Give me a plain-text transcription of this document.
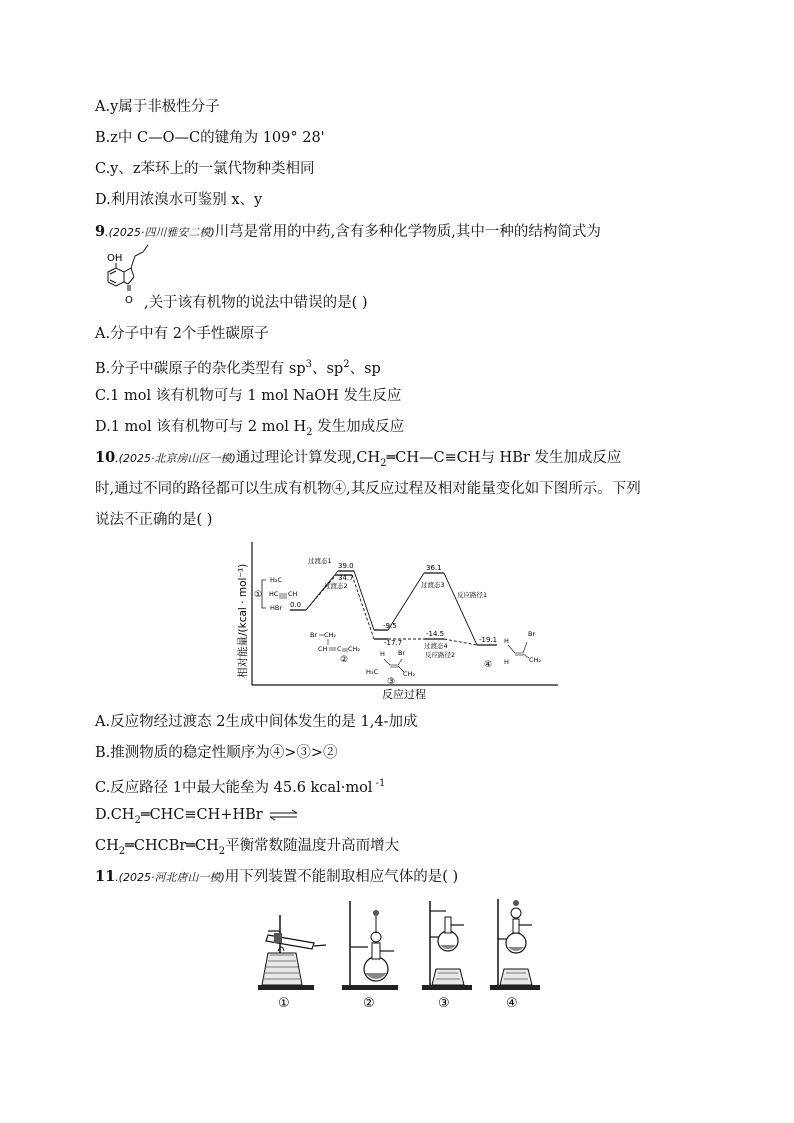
A.y属于非极性分子
B.z中 C—O—C的键角为 109° 28'
C.y、z苯环上的一氯代物种类相同
D.利用浓溴水可鉴别 x、y
9.(2025·四川雅安二模)川芎是常用的中药,含有多种化学物质,其中一种的结构简式为
OH
O ,关于该有机物的说法中错误的是( )
A.分子中有 2个手性碳原子
B.分子中碳原子的杂化类型有 $sp^3$、$sp^2$、sp
C.1 mol 该有机物可与 1 mol NaOH 发生反应
D.1 mol 该有机物可与 2 mol $H_2$ 发生加成反应
10.(2025·北京房山区一模)通过理论计算发现$,CH_2═CH—C\equiv CH$与 HBr 发生加成反应
时,通过不同的路径都可以生成有机物④,其反应过程及相对能量变化如下图所示。下列
说法不正确的是( )
相对能量/(kcal · mol⁻¹)
反应过程
①
H₂C
HC CH
HBr 0.0
39.0
34.7
-9.5
-17.7
36.1
-14.5
-19.1
过渡态1
过渡态2	过渡态3
过渡态4
反应路径1
反应路径2
Br CH₂
CH C CH₂
②
H Br
H₃C	CH₂
③
H
Br
H	CH₂
④
A.反应物经过渡态 2生成中间体发生的是 1,4-加成
B.推测物质的稳定性顺序为④>③>②
C.反应路径 1中最大能垒为 45.6 kcal·mol $^{-1}$
$D.CH_2═CHC\equiv CH+HBr$ ⇌
$CH_2═CHCBr═CH_2$平衡常数随温度升高而增大
11.(2025·河北唐山一模)用下列装置不能制取相应气体的是( )
①	②	③	④
